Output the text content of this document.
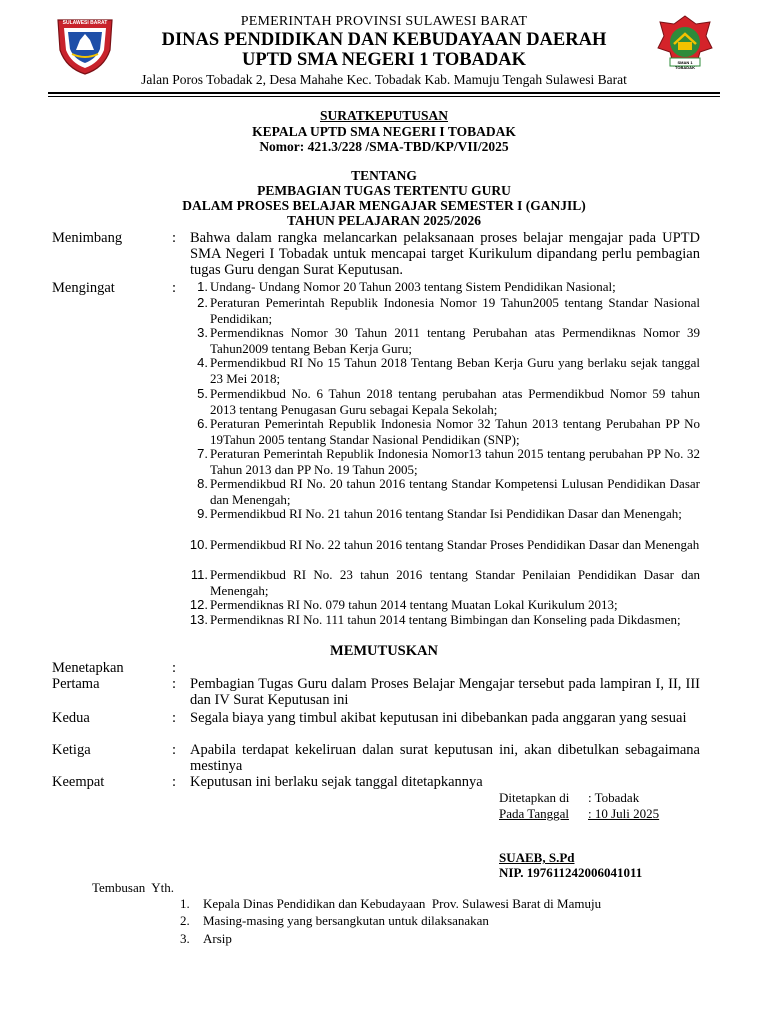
SULAWESI BARAT
SMAN 1 TOBADAK
PEMERINTAH PROVINSI SULAWESI BARAT
DINAS PENDIDIKAN DAN KEBUDAYAAN DAERAH
UPTD SMA NEGERI 1 TOBADAK
Jalan Poros Tobadak 2, Desa Mahahe Kec. Tobadak Kab. Mamuju Tengah Sulawesi Barat
SURATKEPUTUSAN
KEPALA UPTD SMA NEGERI I TOBADAK
Nomor: 421.3/228 /SMA-TBD/KP/VII/2025
TENTANG
PEMBAGIAN TUGAS TERTENTU GURU
DALAM PROSES BELAJAR MENGAJAR SEMESTER I (GANJIL)
TAHUN PELAJARAN 2025/2026
Menimbang	: Bahwa dalam rangka melancarkan pelaksanaan proses belajar mengajar pada UPTD SMA Negeri I Tobadak untuk mencapai target Kurikulum dipandang perlu pembagian tugas Guru dengan Surat Keputusan.
Mengingat	:	1. Undang- Undang Nomor 20 Tahun 2003 tentang Sistem Pendidikan Nasional;
2. Peraturan Pemerintah Republik Indonesia Nomor 19 Tahun2005 tentang Standar Nasional Pendidikan;
3. Permendiknas Nomor 30 Tahun 2011 tentang Perubahan atas Permendiknas Nomor 39 Tahun2009 tentang Beban Kerja Guru;
4. Permendikbud RI No 15 Tahun 2018 Tentang Beban Kerja Guru yang berlaku sejak tanggal 23 Mei 2018;
5. Permendikbud No. 6 Tahun 2018 tentang perubahan atas Permendikbud Nomor 59 tahun 2013 tentang Penugasan Guru sebagai Kepala Sekolah;
6. Peraturan Pemerintah Republik Indonesia Nomor 32 Tahun 2013 tentang Perubahan PP No 19Tahun 2005 tentang Standar Nasional Pendidikan (SNP);
7. Peraturan Pemerintah Republik Indonesia Nomor13 tahun 2015 tentang perubahan PP No. 32 Tahun 2013 dan PP No. 19 Tahun 2005;
8. Permendikbud RI No. 20 tahun 2016 tentang Standar Kompetensi Lulusan Pendidikan Dasar dan Menengah;
9. Permendikbud RI No. 21 tahun 2016 tentang Standar Isi Pendidikan Dasar dan Menengah;
10. Permendikbud RI No. 22 tahun 2016 tentang Standar Proses Pendidikan Dasar dan Menengah
11. Permendikbud RI No. 23 tahun 2016 tentang Standar Penilaian Pendidikan Dasar dan Menengah;
12. Permendiknas RI No. 079 tahun 2014 tentang Muatan Lokal Kurikulum 2013;
13. Permendiknas RI No. 111 tahun 2014 tentang Bimbingan dan Konseling pada Dikdasmen;
MEMUTUSKAN
Menetapkan	:
Pertama	: Pembagian Tugas Guru dalam Proses Belajar Mengajar tersebut pada lampiran I, II, III dan IV Surat Keputusan ini
Kedua	: Segala biaya yang timbul akibat keputusan ini dibebankan pada anggaran yang sesuai
Ketiga	: Apabila terdapat kekeliruan dalan surat keputusan ini, akan dibetulkan sebagaimana mestinya
Keempat	: Keputusan ini berlaku sejak tanggal ditetapkannya
Ditetapkan di : Tobadak
Pada Tanggal : 10 Juli 2025
SUAEB, S.Pd
NIP. 197611242006041011
Tembusan  Yth.
1. Kepala Dinas Pendidikan dan Kebudayaan  Prov. Sulawesi Barat di Mamuju
2. Masing-masing yang bersangkutan untuk dilaksanakan
3. Arsip
